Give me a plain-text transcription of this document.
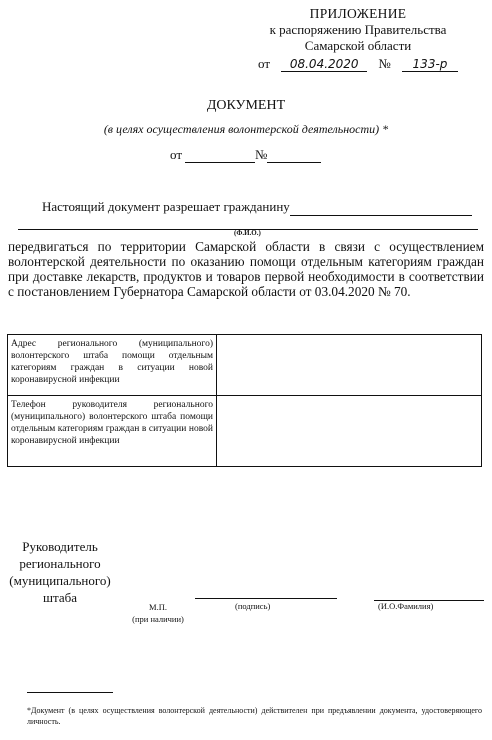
ПРИЛОЖЕНИЕ
к распоряжению Правительства
Самарской области
от	08.04.2020	№	133-р
ДОКУМЕНТ
(в целях осуществления волонтерской деятельности) *
от	№
Настоящий документ разрешает гражданину
(Ф.И.О.)
передвигаться по территории Самарской области в связи с осуществлением волонтерской деятельности по оказанию помощи отдельным категориям граждан при доставке лекарств, продуктов и товаров первой необходимости в соответствии с постановлением Губернатора Самарской области от 03.04.2020 № 70.
Адрес регионального (муниципального) волонтерского штаба помощи отдельным категориям граждан в ситуации новой коронавирусной инфекции	
Телефон руководителя регионального (муниципального) волонтерского штаба помощи отдельным категориям граждан в ситуации новой коронавирусной инфекции	
Руководитель
регионального
(муниципального)
штаба
М.П.
(при наличии)
(подпись)	(И.О.Фамилия)
*Документ (в целях осуществления волонтерской деятельности) действителен при предъявлении документа, удостоверяющего личность.
